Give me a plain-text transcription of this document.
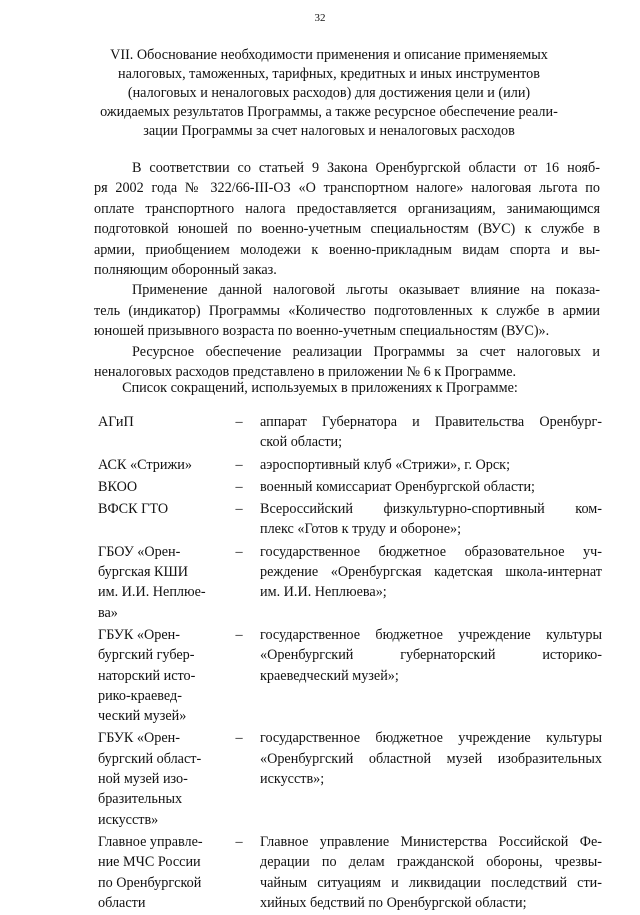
32
VII. Обоснование необходимости применения и описание применяемых
налоговых, таможенных, тарифных, кредитных и иных инструментов
(налоговых и неналоговых расходов) для достижения цели и (или)
ожидаемых результатов Программы, а также ресурсное обеспечение реали-
зации Программы за счет налоговых и неналоговых расходов

В соответствии со статьей 9 Закона Оренбургской области от 16 нояб-
ря 2002 года № 322/66-III-ОЗ «О транспортном налоге» налоговая льгота по
оплате транспортного налога предоставляется организациям, занимающимся
подготовкой юношей по военно-учетным специальностям (ВУС) к службе в
армии, приобщением молодежи к военно-прикладным видам спорта и вы-
полняющим оборонный заказ.

Применение данной налоговой льготы оказывает влияние на показа-
тель (индикатор) Программы «Количество подготовленных к службе в армии
юношей призывного возраста по военно-учетным специальностям (ВУС)».

Ресурсное обеспечение реализации Программы за счет налоговых и
неналоговых расходов представлено в приложении № 6 к Программе.

Список сокращений, используемых в приложениях к Программе:
АГиП	–	аппарат Губернатора и Правительства Оренбург-
ской области;
АСК «Стрижи»	–	аэроспортивный клуб «Стрижи», г. Орск;
ВКОО	–	военный комиссариат Оренбургской области;
ВФСК ГТО	–	Всероссийский физкультурно-спортивный ком-
плекс «Готов к труду и обороне»;
ГБОУ «Орен-
бургская КШИ
им. И.И. Неплюе-
ва»
–	государственное бюджетное образовательное уч-
реждение «Оренбургская кадетская школа-интернат
им. И.И. Неплюева»;
ГБУК «Орен-
бургский губер-
наторский исто-
рико-краевед-
ческий музей»
–	государственное бюджетное учреждение культуры
«Оренбургский губернаторский историко-
краеведческий музей»;
ГБУК «Орен-
бургский област-
ной музей изо-
бразительных
искусств»
–	государственное бюджетное учреждение культуры
«Оренбургский областной музей изобразительных
искусств»;
Главное управле-
ние МЧС России
по Оренбургской
области
–	Главное управление Министерства Российской Фе-
дерации по делам гражданской обороны, чрезвы-
чайным ситуациям и ликвидации последствий сти-
хийных бедствий по Оренбургской области;
